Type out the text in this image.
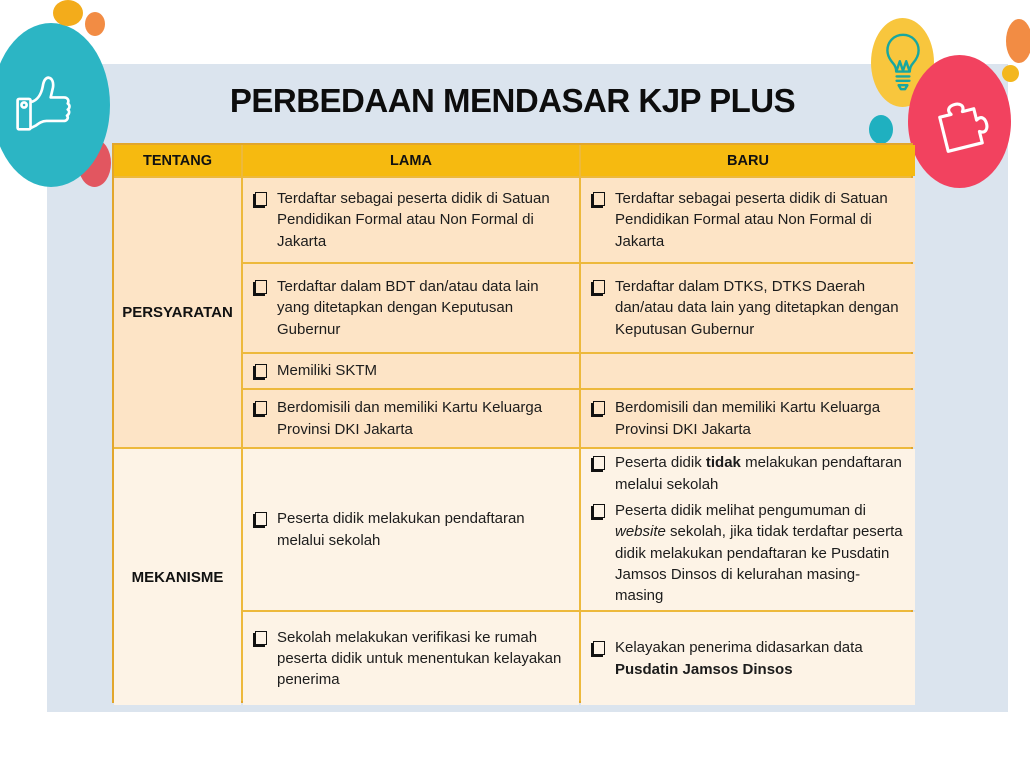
PERBEDAAN MENDASAR KJP PLUS
TENTANG	LAMA	BARU
PERSYARATAN
Terdaftar sebagai peserta didik di Satuan Pendidikan Formal atau Non Formal di Jakarta
Terdaftar sebagai peserta didik di Satuan Pendidikan Formal atau Non Formal di Jakarta
Terdaftar dalam BDT dan/atau data lain yang ditetapkan dengan Keputusan Gubernur
Terdaftar dalam DTKS, DTKS Daerah dan/atau data lain yang ditetapkan dengan Keputusan Gubernur
Memiliki SKTM
Berdomisili dan memiliki Kartu Keluarga Provinsi DKI Jakarta
Berdomisili dan memiliki Kartu Keluarga Provinsi DKI Jakarta
MEKANISME
Peserta didik melakukan pendaftaran melalui sekolah
Peserta didik tidak melakukan pendaftaran melalui sekolah
Peserta didik melihat pengumuman di website sekolah, jika tidak terdaftar peserta didik melakukan pendaftaran ke Pusdatin Jamsos Dinsos di kelurahan masing-masing
Sekolah melakukan verifikasi ke rumah peserta didik untuk menentukan kelayakan penerima
Kelayakan penerima didasarkan data Pusdatin Jamsos Dinsos
